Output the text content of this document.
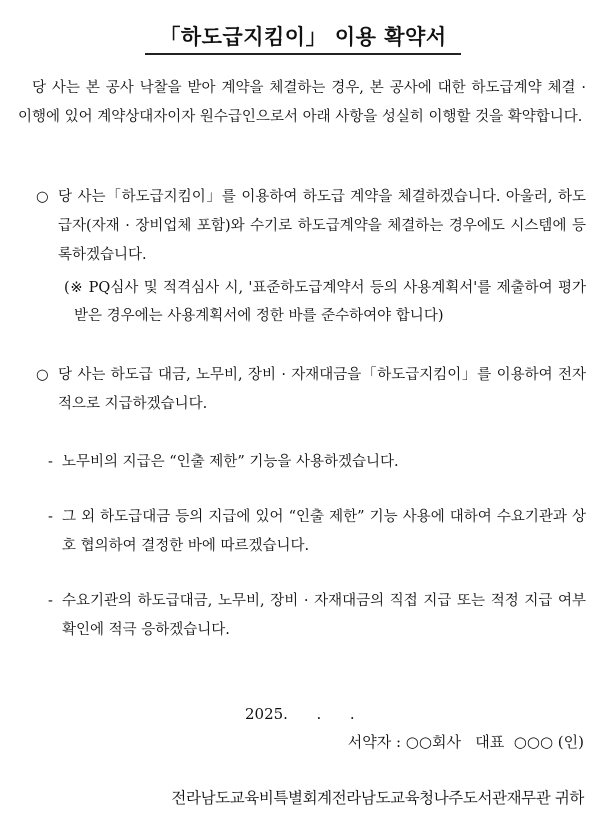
「하도급지킴이」 이용 확약서
당 사는 본 공사 낙찰을 받아 계약을 체결하는 경우, 본 공사에 대한 하도급계약 체결 · 이행에 있어 계약상대자이자 원수급인으로서 아래 사항을 성실히 이행할 것을 확약합니다.
○ 당 사는「하도급지킴이」를 이용하여 하도급 계약을 체결하겠습니다. 아울러, 하도급자(자재 · 장비업체 포함)와 수기로 하도급계약을 체결하는 경우에도 시스템에 등록하겠습니다.
(※ PQ심사 및 적격심사 시, '표준하도급계약서 등의 사용계획서'를 제출하여 평가받은 경우에는 사용계획서에 정한 바를 준수하여야 합니다)
○ 당 사는 하도급 대금, 노무비, 장비 · 자재대금을「하도급지킴이」를 이용하여 전자적으로 지급하겠습니다.
- 노무비의 지급은 “인출 제한” 기능을 사용하겠습니다.
- 그 외 하도급대금 등의 지급에 있어 “인출 제한” 기능 사용에 대하여 수요기관과 상호 협의하여 결정한 바에 따르겠습니다.
- 수요기관의 하도급대금, 노무비, 장비 · 자재대금의 직접 지급 또는 적정 지급 여부 확인에 적극 응하겠습니다.
2025.      .      .
서약자 : ○○회사   대표  ○○○ (인)
전라남도교육비특별회계전라남도교육청나주도서관재무관 귀하
